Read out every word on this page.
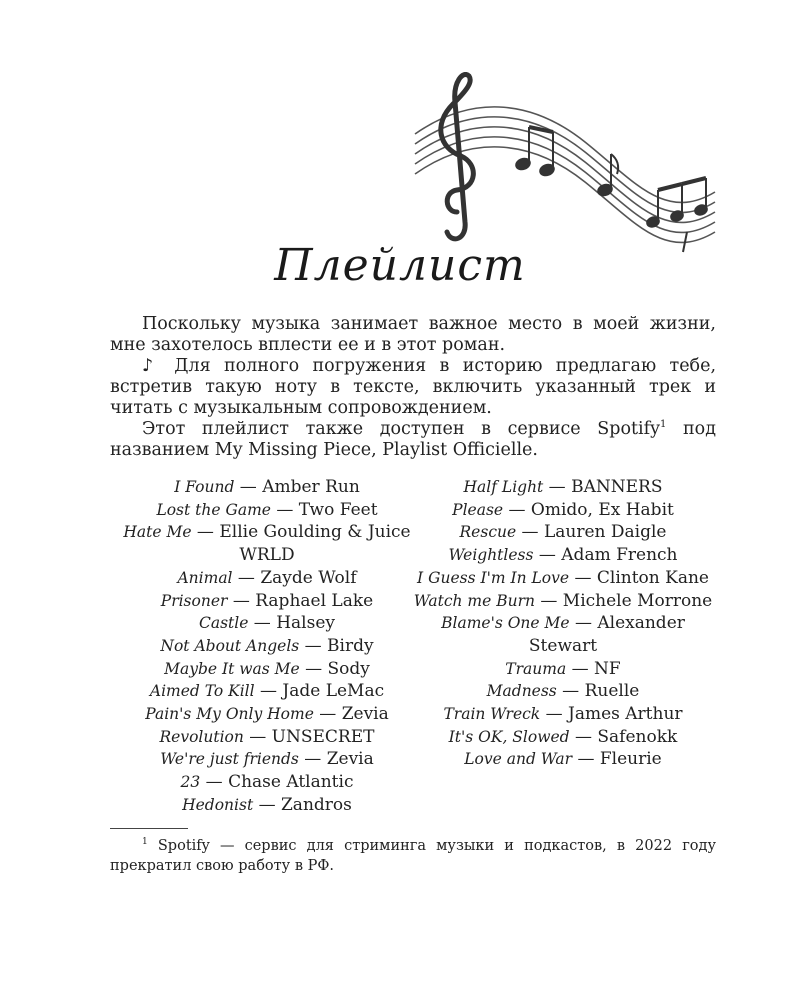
Плейлист

Поскольку музыка занимает важное место в моей жизни, мне захотелось вплести ее и в этот роман.

♪ Для полного погружения в историю предлагаю тебе, встретив такую ноту в тексте, включить указанный трек и читать с музыкальным сопровождением.

Этот плейлист также доступен в сервисе Spotify$^1$ под названием My Missing Piece, Playlist Officielle.

I Found — Amber Run
Lost the Game — Two Feet
Hate Me — Ellie Goulding & Juice WRLD
Animal — Zayde Wolf
Prisoner — Raphael Lake
Castle — Halsey
Not About Angels — Birdy
Maybe It was Me — Sody
Aimed To Kill — Jade LeMac
Pain's My Only Home — Zevia
Revolution — UNSECRET
We're just friends — Zevia
23 — Chase Atlantic
Hedonist — Zandros
Half Light — BANNERS
Please — Omido, Ex Habit
Rescue — Lauren Daigle
Weightless — Adam French
I Guess I'm In Love — Clinton Kane
Watch me Burn — Michele Morrone
Blame's One Me — Alexander Stewart
Trauma — NF
Madness — Ruelle
Train Wreck — James Arthur
It's OK, Slowed — Safenokk
Love and War — Fleurie

$^1$ Spotify — сервис для стриминга музыки и подкастов, в 2022 году прекратил свою работу в РФ.
